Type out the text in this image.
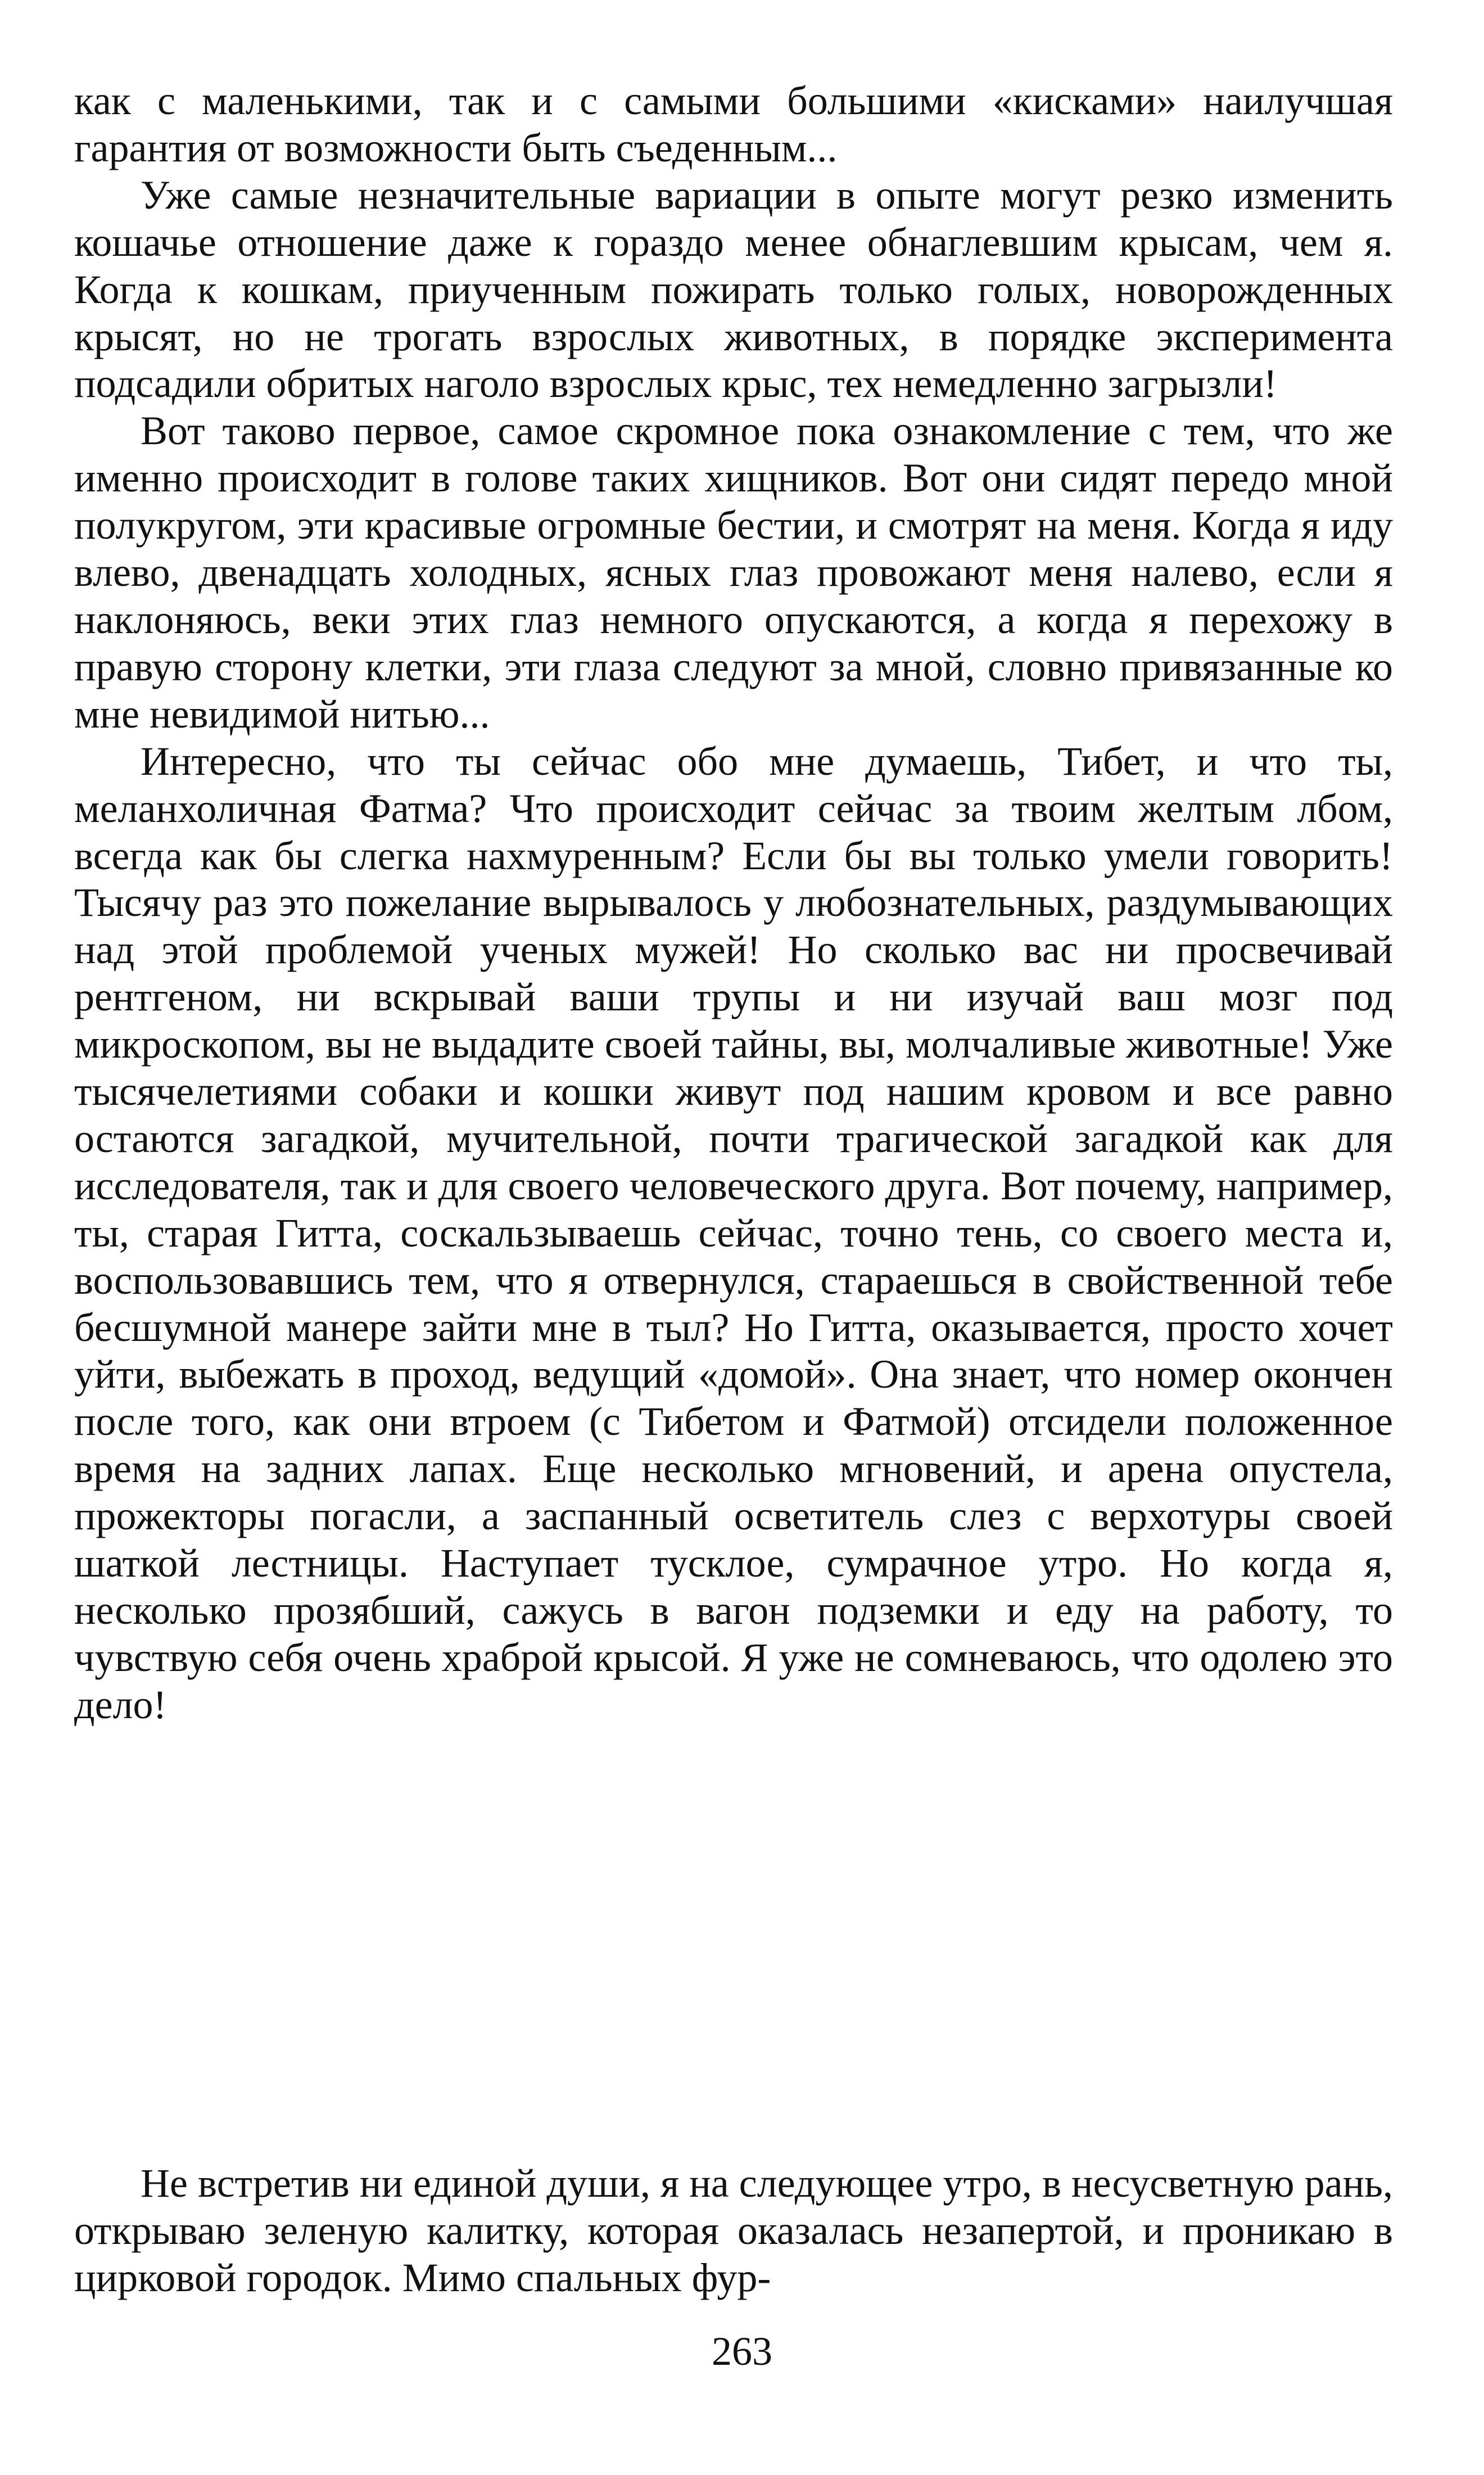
как с маленькими, так и с самыми большими «кисками» наилучшая гарантия от возможности быть съеденным...

Уже самые незначительные вариации в опыте могут резко изменить кошачье отношение даже к гораздо менее обнаглевшим крысам, чем я. Когда к кошкам, приученным пожирать только голых, новорожденных крысят, но не трогать взрослых животных, в порядке эксперимента подсадили обритых наголо взрослых крыс, тех немедленно загрызли!

Вот таково первое, самое скромное пока ознакомление с тем, что же именно происходит в голове таких хищников. Вот они сидят передо мной полукругом, эти красивые огромные бестии, и смотрят на меня. Когда я иду влево, двенадцать холодных, ясных глаз провожают меня налево, если я наклоняюсь, веки этих глаз немного опускаются, а когда я перехожу в правую сторону клетки, эти глаза следуют за мной, словно привязанные ко мне невидимой нитью...

Интересно, что ты сейчас обо мне думаешь, Тибет, и что ты, меланхоличная Фатма? Что происходит сейчас за твоим желтым лбом, всегда как бы слегка нахмуренным? Если бы вы только умели говорить! Тысячу раз это пожелание вырывалось у любознательных, раздумывающих над этой проблемой ученых мужей! Но сколько вас ни просвечивай рентгеном, ни вскрывай ваши трупы и ни изучай ваш мозг под микроскопом, вы не выдадите своей тайны, вы, молчаливые животные! Уже тысячелетиями собаки и кошки живут под нашим кровом и все равно остаются загадкой, мучительной, почти трагической загадкой как для исследователя, так и для своего человеческого друга. Вот почему, например, ты, старая Гитта, соскальзываешь сейчас, точно тень, со своего места и, воспользовавшись тем, что я отвернулся, стараешься в свойственной тебе бесшумной манере зайти мне в тыл? Но Гитта, оказывается, просто хочет уйти, выбежать в проход, ведущий «домой». Она знает, что номер окончен после того, как они втроем (с Тибетом и Фатмой) отсидели положенное время на задних лапах. Еще несколько мгновений, и арена опустела, прожекторы погасли, а заспанный осветитель слез с верхотуры своей шаткой лестницы. Наступает тусклое, сумрачное утро. Но когда я, несколько прозябший, сажусь в вагон подземки и еду на работу, то чувствую себя очень храброй крысой. Я уже не сомневаюсь, что одолею это дело!

Не встретив ни единой души, я на следующее утро, в несусветную рань, открываю зеленую калитку, которая оказалась незапертой, и проникаю в цирковой городок. Мимо спальных фур-

263
